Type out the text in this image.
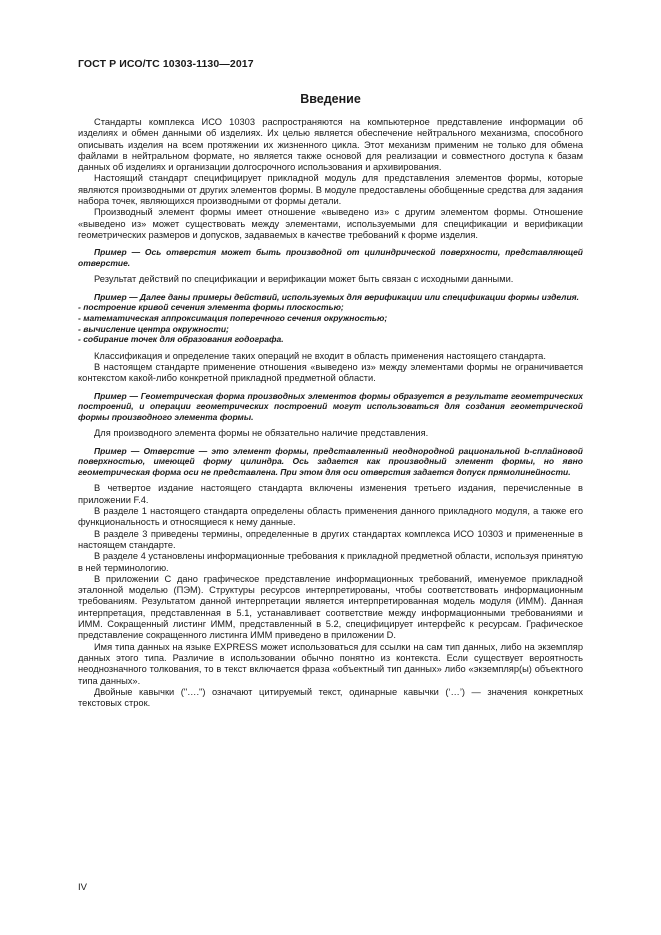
ГОСТ Р ИСО/ТС 10303-1130—2017
Введение

Стандарты комплекса ИСО 10303 распространяются на компьютерное представление информации об изделиях и обмен данными об изделиях. Их целью является обеспечение нейтрального механизма, способного описывать изделия на всем протяжении их жизненного цикла. Этот механизм применим не только для обмена файлами в нейтральном формате, но является также основой для реализации и совместного доступа к базам данных об изделиях и организации долгосрочного использования и архивирования.

Настоящий стандарт специфицирует прикладной модуль для представления элементов формы, которые являются производными от других элементов формы. В модуле предоставлены обобщенные средства для задания набора точек, являющихся производными от формы детали.

Производный элемент формы имеет отношение «выведено из» с другим элементом формы. Отношение «выведено из» может существовать между элементами, используемыми для спецификации и верификации геометрических размеров и допусков, задаваемых в качестве требований к форме изделия.

Пример — Ось отверстия может быть производной от цилиндрической поверхности, представляющей отверстие.

Результат действий по спецификации и верификации может быть связан с исходными данными.

Пример — Далее даны примеры действий, используемых для верификации или спецификации формы изделия.

- построение кривой сечения элемента формы плоскостью;
- математическая аппроксимация поперечного сечения окружностью;
- вычисление центра окружности;
- собирание точек для образования годографа.

Классификация и определение таких операций не входит в область применения настоящего стандарта.

В настоящем стандарте применение отношения «выведено из» между элементами формы не ограничивается контекстом какой-либо конкретной прикладной предметной области.

Пример — Геометрическая форма производных элементов формы образуется в результате геометрических построений, и операции геометрических построений могут использоваться для создания геометрической формы производного элемента формы.

Для производного элемента формы не обязательно наличие представления.

Пример — Отверстие — это элемент формы, представленный неоднородной рациональной b-сплайновой поверхностью, имеющей форму цилиндра. Ось задается как производный элемент формы, но явно геометрическая форма оси не представлена. При этом для оси отверстия задается допуск прямолинейности.

В четвертое издание настоящего стандарта включены изменения третьего издания, перечисленные в приложении F.4.

В разделе 1 настоящего стандарта определены область применения данного прикладного модуля, а также его функциональность и относящиеся к нему данные.

В разделе 3 приведены термины, определенные в других стандартах комплекса ИСО 10303 и примененные в настоящем стандарте.

В разделе 4 установлены информационные требования к прикладной предметной области, используя принятую в ней терминологию.

В приложении С дано графическое представление информационных требований, именуемое прикладной эталонной моделью (ПЭМ). Структуры ресурсов интерпретированы, чтобы соответствовать информационным требованиям. Результатом данной интерпретации является интерпретированная модель модуля (ИММ). Данная интерпретация, представленная в 5.1, устанавливает соответствие между информационными требованиями и ИММ. Сокращенный листинг ИММ, представленный в 5.2, специфицирует интерфейс к ресурсам. Графическое представление сокращенного листинга ИММ приведено в приложении D.

Имя типа данных на языке EXPRESS может использоваться для ссылки на сам тип данных, либо на экземпляр данных этого типа. Различие в использовании обычно понятно из контекста. Если существует вероятность неоднозначного толкования, то в текст включается фраза «объектный тип данных» либо «экземпляр(ы) объектного типа данных».

Двойные кавычки ("….") означают цитируемый текст, одинарные кавычки (‘…’) — значения конкретных текстовых строк.

IV
